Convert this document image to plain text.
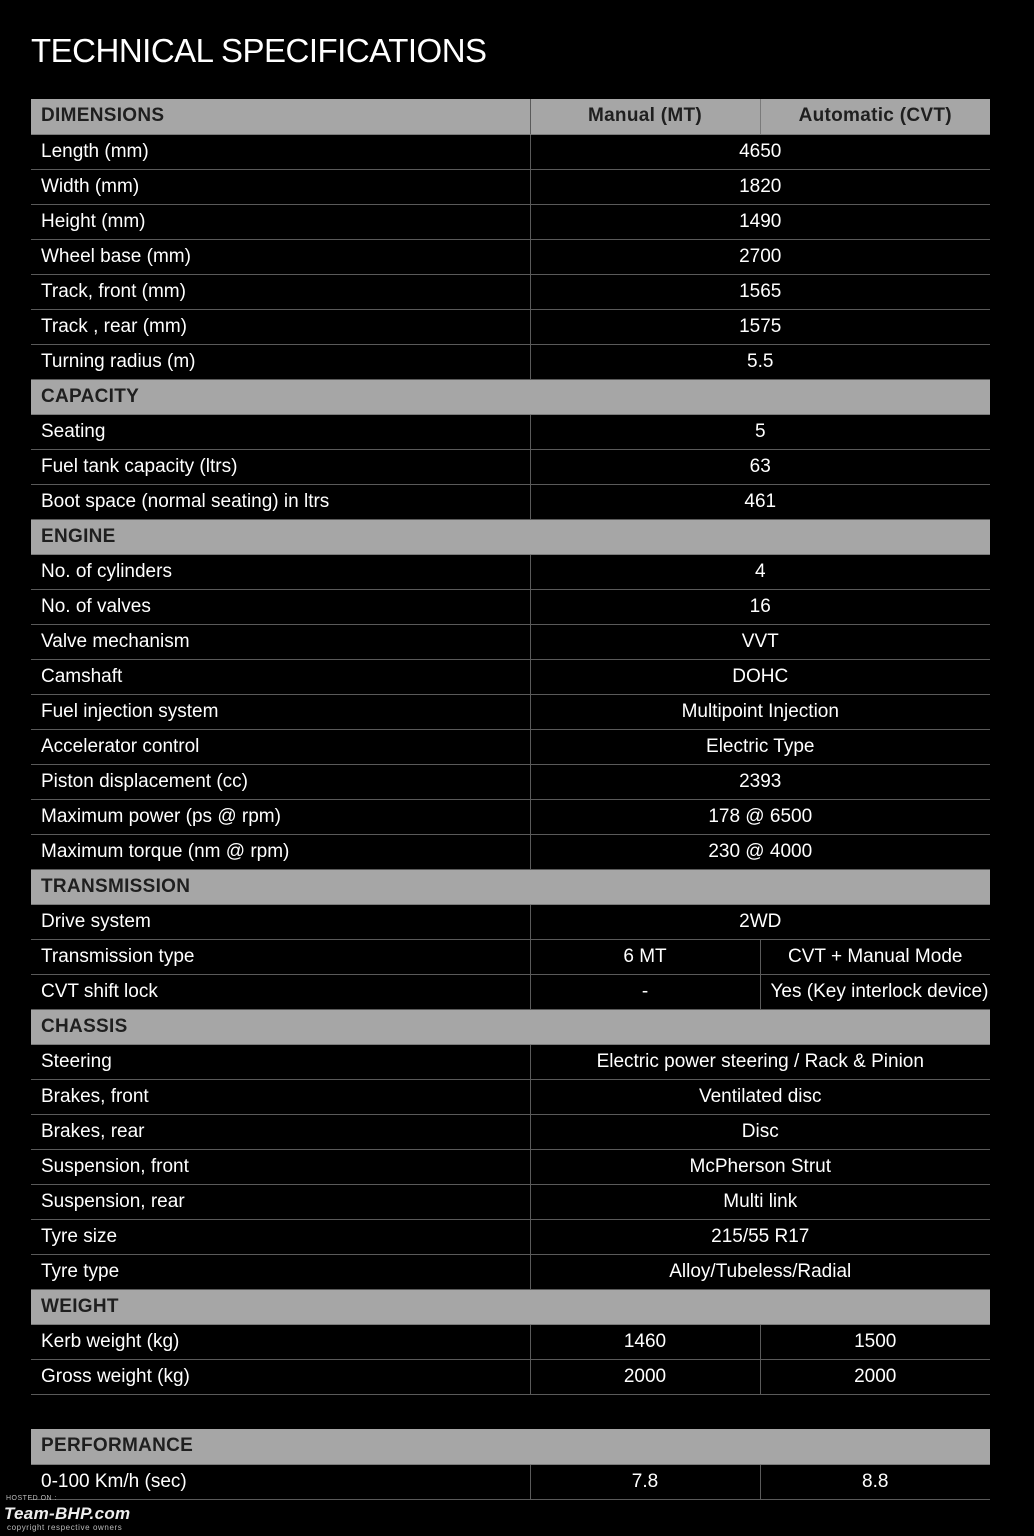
TECHNICAL SPECIFICATIONS
DIMENSIONS	Manual (MT)	Automatic (CVT)
Length (mm)	4650	
Width (mm)	1820	
Height (mm)	1490	
Wheel base (mm)	2700	
Track, front (mm)	1565	
Track , rear (mm)	1575	
Turning radius (m)	5.5	
CAPACITY		
Seating	5	
Fuel tank capacity (ltrs)	63	
Boot space (normal seating) in ltrs	461	
ENGINE		
No. of cylinders	4	
No. of valves	16	
Valve mechanism	VVT	
Camshaft	DOHC	
Fuel injection system	Multipoint Injection	
Accelerator control	Electric Type	
Piston displacement (cc)	2393	
Maximum power (ps @ rpm)	178 @ 6500	
Maximum torque (nm @ rpm)	230 @ 4000	
TRANSMISSION		
Drive system	2WD	
Transmission type	6 MT	CVT + Manual Mode
CVT shift lock	-	Yes (Key interlock device)
CHASSIS		
Steering	Electric power steering / Rack & Pinion	
Brakes, front	Ventilated disc	
Brakes, rear	Disc	
Suspension, front	McPherson Strut	
Suspension, rear	Multi link	
Tyre size	215/55 R17	
Tyre type	Alloy/Tubeless/Radial	
WEIGHT		
Kerb weight (kg)	1460	1500
Gross weight (kg)	2000	2000

PERFORMANCE		
0-100 Km/h (sec)	7.8	8.8
HOSTED ON :
Team-BHP.com
copyright respective owners
